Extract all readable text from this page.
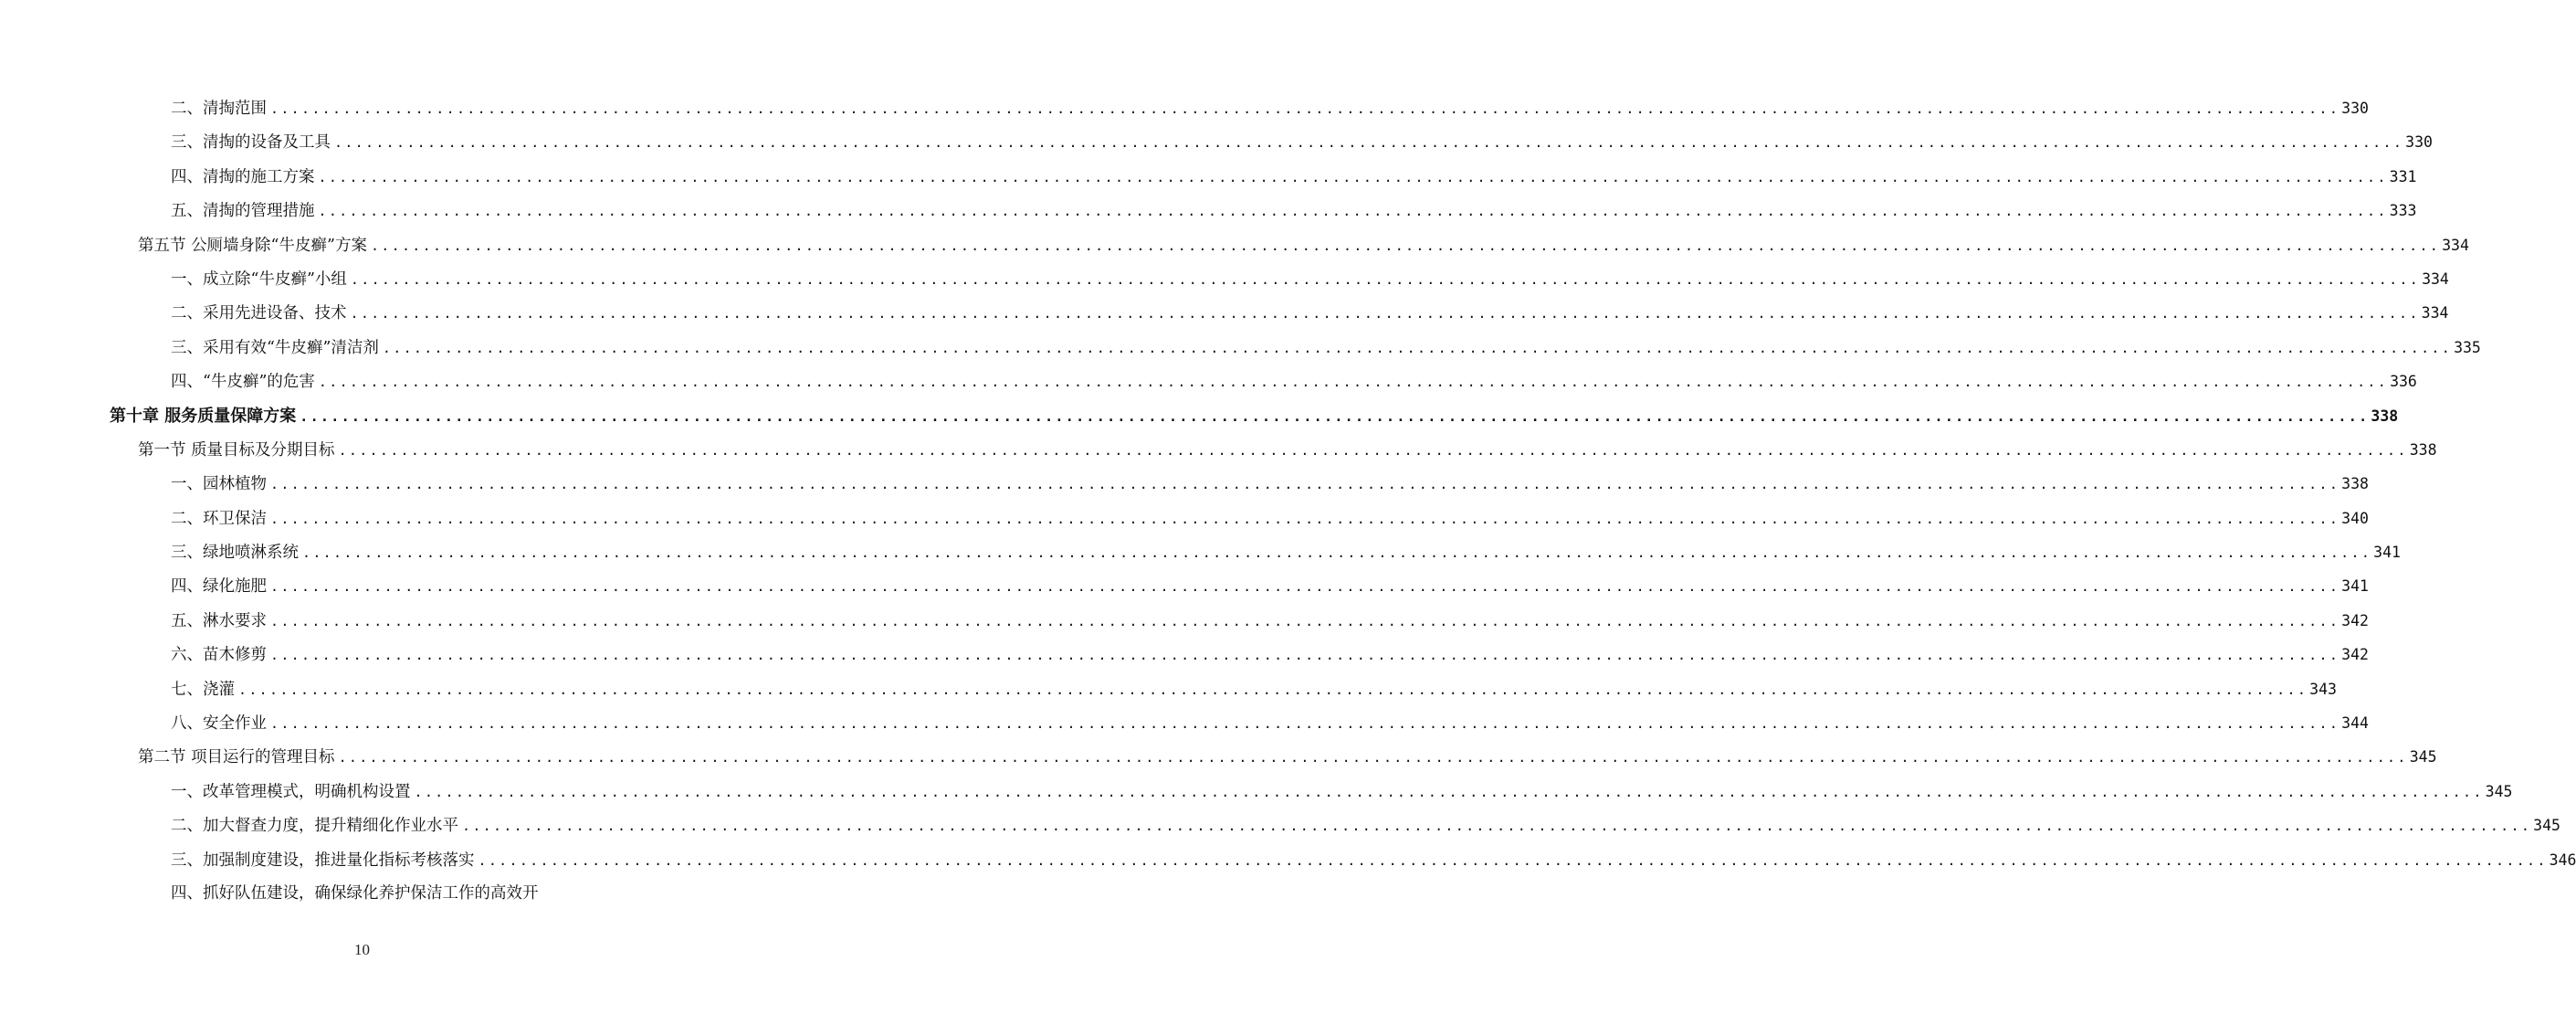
二、清掏范围 ........................................................................................................................................................................................................ 330
三、清掏的设备及工具 ........................................................................................................................................................................................................ 330
四、清掏的施工方案 ........................................................................................................................................................................................................ 331
五、清掏的管理措施 ........................................................................................................................................................................................................ 333
第五节 公厕墙身除“牛皮癣”方案 ........................................................................................................................................................................................................ 334
一、成立除“牛皮癣”小组 ........................................................................................................................................................................................................ 334
二、采用先进设备、技术 ........................................................................................................................................................................................................ 334
三、采用有效“牛皮癣”清洁剂 ........................................................................................................................................................................................................ 335
四、“牛皮癣”的危害 ........................................................................................................................................................................................................ 336
第十章 服务质量保障方案 ........................................................................................................................................................................................................ 338
第一节 质量目标及分期目标 ........................................................................................................................................................................................................ 338
一、园林植物 ........................................................................................................................................................................................................ 338
二、环卫保洁 ........................................................................................................................................................................................................ 340
三、绿地喷淋系统 ........................................................................................................................................................................................................ 341
四、绿化施肥 ........................................................................................................................................................................................................ 341
五、淋水要求 ........................................................................................................................................................................................................ 342
六、苗木修剪 ........................................................................................................................................................................................................ 342
七、浇灌 ........................................................................................................................................................................................................ 343
八、安全作业 ........................................................................................................................................................................................................ 344
第二节 项目运行的管理目标 ........................................................................................................................................................................................................ 345
一、改革管理模式，明确机构设置 ........................................................................................................................................................................................................ 345
二、加大督查力度，提升精细化作业水平 ........................................................................................................................................................................................................ 345
三、加强制度建设，推进量化指标考核落实 ........................................................................................................................................................................................................ 346
四、抓好队伍建设，确保绿化养护保洁工作的高效开
10
